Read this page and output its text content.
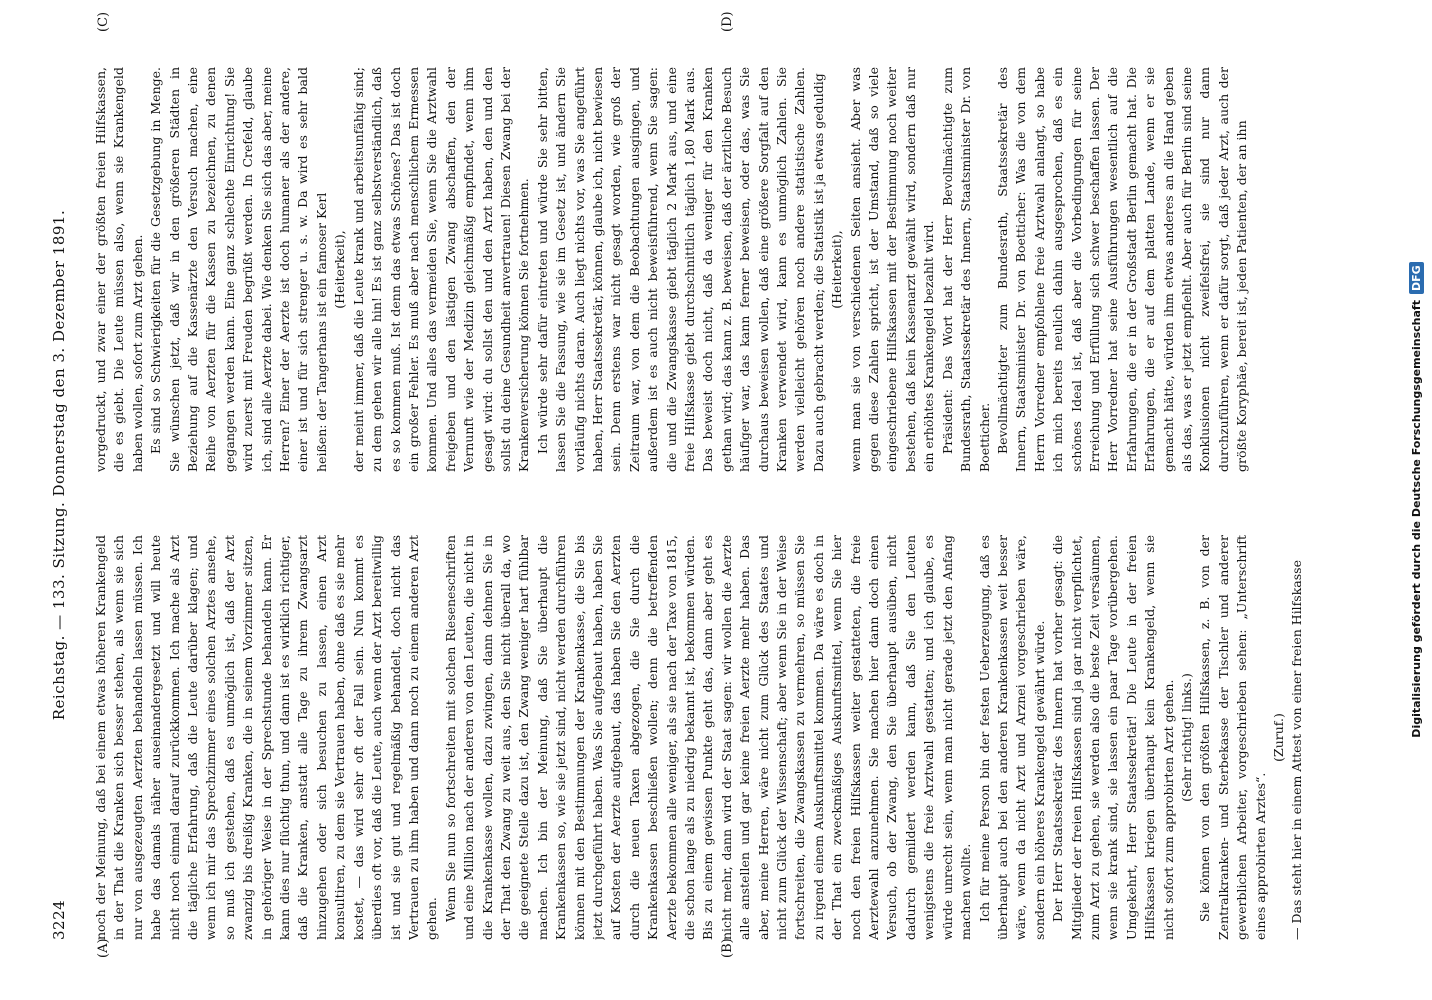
3224
Reichstag. — 133. Sitzung. Donnerstag den 3. Dezember 1891.
(A)	(B)
(C)	(D)

noch der Meinung, daß bei einem etwas höheren Krankengeld in der That die Kranken sich besser stehen, als wenn sie sich nur von ausgezeugten Aerzten behandeln lassen müssen. Ich habe das damals näher auseinandergesetzt und will heute nicht noch einmal darauf zurückkommen. Ich mache als Arzt die tägliche Erfahrung, daß die Leute darüber klagen; und wenn ich mir das Sprechzimmer eines solchen Arztes ansehe, so muß ich gestehen, daß es unmöglich ist, daß der Arzt zwanzig bis dreißig Kranken, die in seinem Vorzimmer sitzen, in gehöriger Weise in der Sprechstunde behandeln kann. Er kann dies nur flüchtig thun, und dann ist es wirklich richtiger, daß die Kranken, anstatt alle Tage zu ihrem Zwangsarzt hinzugehen oder sich besuchen zu lassen, einen Arzt konsultiren, zu dem sie Vertrauen haben, ohne daß es sie mehr kostet, — das wird sehr oft der Fall sein. Nun kommt es überdies oft vor, daß die Leute, auch wenn der Arzt bereitwillig ist und sie gut und regelmäßig behandelt, doch nicht das Vertrauen zu ihm haben und dann noch zu einem anderen Arzt gehen. Wenn Sie nun so fortschreiten mit solchen Rieseneschriften und eine Million nach der anderen von den Leuten, die nicht in die Krankenkasse wollen, dazu zwingen, dann dehnen Sie in der That den Zwang zu weit aus, den Sie nicht überall da, wo die geeignete Stelle dazu ist, den Zwang weniger hart fühlbar machen. Ich bin der Meinung, daß Sie überhaupt die Krankenkassen so, wie sie jetzt sind, nicht werden durchführen können mit den Bestimmungen der Krankenkasse, die Sie bis jetzt durchgeführt haben. Was Sie aufgebaut haben, haben Sie auf Kosten der Aerzte aufgebaut, das haben Sie den Aerzten durch die neuen Taxen abgezogen, die Sie durch die Krankenkassen beschließen wollen; denn die betreffenden Aerzte bekommen alle weniger, als sie nach der Taxe von 1815, die schon lange als zu niedrig bekannt ist, bekommen würden. Bis zu einem gewissen Punkte geht das, dann aber geht es nicht mehr, dann wird der Staat sagen: wir wollen die Aerzte alle anstellen und gar keine freien Aerzte mehr haben. Das aber, meine Herren, wäre nicht zum Glück des Staates und nicht zum Glück der Wissenschaft; aber wenn Sie in der Weise fortschreiten, die Zwangskassen zu vermehren, so müssen Sie zu irgend einem Auskunftsmittel kommen. Da wäre es doch in der That ein zweckmäßiges Auskunftsmittel, wenn Sie hier noch den freien Hilfskassen weiter gestatteten, die freie Aerztewahl anzunehmen. Sie machen hier dann doch einen Versuch, ob der Zwang, den Sie überhaupt ausüben, nicht dadurch gemildert werden kann, daß Sie den Leuten wenigstens die freie Arztwahl gestatten; und ich glaube, es würde unrecht sein, wenn man nicht gerade jetzt den Anfang machen wollte. Ich für meine Person bin der festen Ueberzeugung, daß es überhaupt auch bei den anderen Krankenkassen weit besser wäre, wenn da nicht Arzt und Arznei vorgeschrieben wäre, sondern ein höheres Krankengeld gewährt würde. Der Herr Staatssekretär des Innern hat vorher gesagt: die Mitglieder der freien Hilfskassen sind ja gar nicht verpflichtet, zum Arzt zu gehen, sie werden also die beste Zeit versäumen, wenn sie krank sind, sie lassen ein paar Tage vorübergehen. Umgekehrt, Herr Staatssekretär! Die Leute in der freien Hilfskassen kriegen überhaupt kein Krankengeld, wenn sie nicht sofort zum approbirten Arzt gehen. (Sehr richtig! links.) Sie können von den größten Hilfskassen, z. B. von der Zentralkranken- und Sterbekasse der Tischler und anderer gewerblichen Arbeiter, vorgeschrieben sehen: „Unterschrift eines approbirten Arztes“.

(Zuruf.) — Das steht hier in einem Attest von einer freien Hilfskasse

vorgedruckt, und zwar einer der größten freien Hilfskassen, die es giebt. Die Leute müssen also, wenn sie Krankengeld haben wollen, sofort zum Arzt gehen. Es sind so Schwierigkeiten für die Gesetzgebung in Menge. Sie wünschen jetzt, daß wir in den größeren Städten in Beziehung auf die Kassenärzte den Versuch machen, eine Reihe von Aerzten für die Kassen zu bezeichnen, zu denen gegangen werden kann. Eine ganz schlechte Einrichtung! Sie wird zuerst mit Freuden begrüßt werden. In Crefeld, glaube ich, sind alle Aerzte dabei. Wie denken Sie sich das aber, meine Herren? Einer der Aerzte ist doch humaner als der andere, einer ist und für sich strenger u. s. w. Da wird es sehr bald heißen: der Tangerhans ist ein famoser Kerl (Heiterkeit), der meint immer, daß die Leute krank und arbeitsunfähig sind; zu dem gehen wir alle hin! Es ist ganz selbstverständlich, daß es so kommen muß. Ist denn das etwas Schönes? Das ist doch ein großer Fehler. Es muß aber nach menschlichem Ermessen kommen. Und alles das vermeiden Sie, wenn Sie die Arztwahl freigeben und den lästigen Zwang abschaffen, den der Vernunft wie der Medizin gleichmäßig empfindet, wenn ihm gesagt wird: du sollst den und den Arzt haben, den und den sollst du deine Gesundheit anvertrauen! Diesen Zwang bei der Krankenversicherung können Sie fortnehmen. Ich würde sehr dafür eintreten und würde Sie sehr bitten, lassen Sie die Fassung, wie sie im Gesetz ist, und ändern Sie vorläufig nichts daran. Auch liegt nichts vor, was Sie angeführt haben, Herr Staatssekretär, können, glaube ich, nicht bewiesen sein. Denn erstens war nicht gesagt worden, wie groß der Zeitraum war, von dem die Beobachtungen ausgingen, und außerdem ist es auch nicht beweisführend, wenn Sie sagen: die und die Zwangskasse giebt täglich 2 Mark aus, und eine freie Hilfskasse giebt durchschnittlich täglich 1,80 Mark aus. Das beweist doch nicht, daß da weniger für den Kranken gethan wird; das kann z. B. beweisen, daß der ärztliche Besuch häufiger war, das kann ferner beweisen, oder das, was Sie durchaus beweisen wollen, daß eine größere Sorgfalt auf den Kranken verwendet wird, kann es unmöglich Zahlen. Sie werden vielleicht gehören noch andere statistische Zahlen. Dazu auch gebracht werden; die Statistik ist ja etwas geduldig (Heiterkeit), wenn man sie von verschiedenen Seiten ansieht. Aber was gegen diese Zahlen spricht, ist der Umstand, daß so viele eingeschriebene Hilfskassen mit der Bestimmung noch weiter bestehen, daß kein Kassenarzt gewählt wird, sondern daß nur ein erhöhtes Krankengeld bezahlt wird. Präsident: Das Wort hat der Herr Bevollmächtigte zum Bundesrath, Staatssekretär des Innern, Staatsminister Dr. von Boetticher. Bevollmächtigter zum Bundesrath, Staatssekretär des Innern, Staatsminister Dr. von Boetticher: Was die von dem Herrn Vorredner empfohlene freie Arztwahl anlangt, so habe ich mich bereits neulich dahin ausgesprochen, daß es ein schönes Ideal ist, daß aber die Vorbedingungen für seine Erreichung und Erfüllung sich schwer beschaffen lassen. Der Herr Vorredner hat seine Ausführungen wesentlich auf die Erfahrungen, die er in der Großstadt Berlin gemacht hat. Die Erfahrungen, die er auf dem platten Lande, wenn er sie gemacht hätte, würden ihm etwas anderes an die Hand geben als das, was er jetzt empfiehlt. Aber auch für Berlin sind seine Konklusionen nicht zweifelsfrei, sie sind nur dann durchzuführen, wenn er dafür sorgt, daß jeder Arzt, auch der größte Koryphäe, bereit ist, jeden Patienten, der an ihn

Digitalisierung gefördert durch die Deutsche Forschungsgemeinschaft
DFG
